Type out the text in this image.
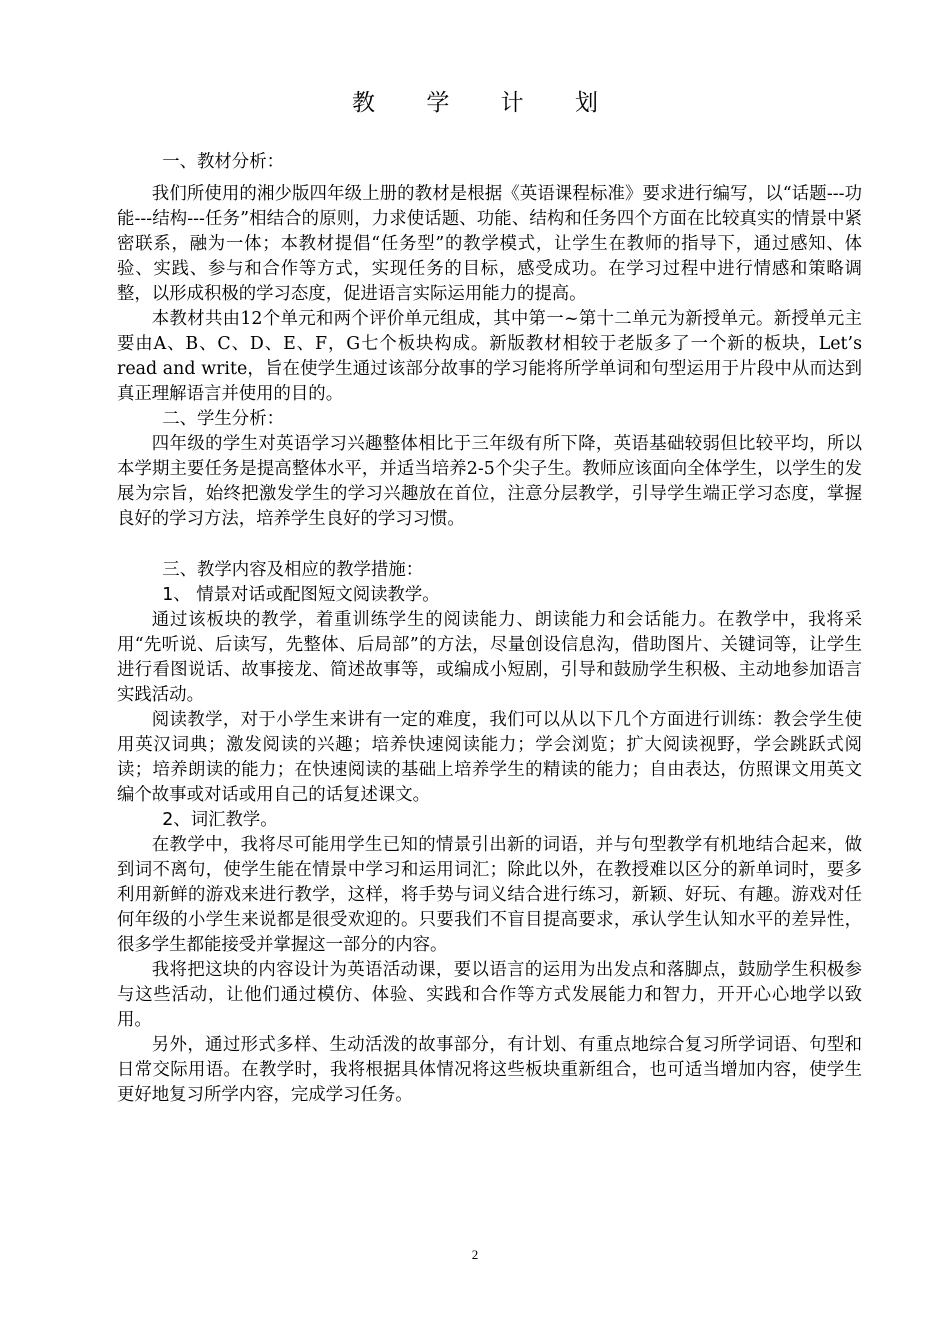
教 学 计 划

一、教材分析：

我们所使用的湘少版四年级上册的教材是根据《英语课程标准》要求进行编写，以“话题---功能---结构---任务”相结合的原则，力求使话题、功能、结构和任务四个方面在比较真实的情景中紧密联系，融为一体；本教材提倡“任务型”的教学模式，让学生在教师的指导下，通过感知、体验、实践、参与和合作等方式，实现任务的目标，感受成功。在学习过程中进行情感和策略调整，以形成积极的学习态度，促进语言实际运用能力的提高。

本教材共由12个单元和两个评价单元组成，其中第一~第十二单元为新授单元。新授单元主要由A、B、C、D、E、F，G七个板块构成。新版教材相较于老版多了一个新的板块，Let’s read and write，旨在使学生通过该部分故事的学习能将所学单词和句型运用于片段中从而达到真正理解语言并使用的目的。

二、学生分析：

四年级的学生对英语学习兴趣整体相比于三年级有所下降，英语基础较弱但比较平均，所以本学期主要任务是提高整体水平，并适当培养2-5个尖子生。教师应该面向全体学生，以学生的发展为宗旨，始终把激发学生的学习兴趣放在首位，注意分层教学，引导学生端正学习态度，掌握良好的学习方法，培养学生良好的学习习惯。

三、教学内容及相应的教学措施：

1、 情景对话或配图短文阅读教学。

通过该板块的教学，着重训练学生的阅读能力、朗读能力和会话能力。在教学中，我将采用“先听说、后读写，先整体、后局部”的方法，尽量创设信息沟，借助图片、关键词等，让学生进行看图说话、故事接龙、简述故事等，或编成小短剧，引导和鼓励学生积极、主动地参加语言实践活动。

阅读教学，对于小学生来讲有一定的难度，我们可以从以下几个方面进行训练：教会学生使用英汉词典；激发阅读的兴趣；培养快速阅读能力；学会浏览；扩大阅读视野，学会跳跃式阅读；培养朗读的能力；在快速阅读的基础上培养学生的精读的能力；自由表达，仿照课文用英文编个故事或对话或用自己的话复述课文。

2、词汇教学。

在教学中，我将尽可能用学生已知的情景引出新的词语，并与句型教学有机地结合起来，做到词不离句，使学生能在情景中学习和运用词汇；除此以外，在教授难以区分的新单词时，要多利用新鲜的游戏来进行教学，这样，将手势与词义结合进行练习，新颖、好玩、有趣。游戏对任何年级的小学生来说都是很受欢迎的。只要我们不盲目提高要求，承认学生认知水平的差异性，很多学生都能接受并掌握这一部分的内容。

我将把这块的内容设计为英语活动课，要以语言的运用为出发点和落脚点，鼓励学生积极参与这些活动，让他们通过模仿、体验、实践和合作等方式发展能力和智力，开开心心地学以致用。

另外，通过形式多样、生动活泼的故事部分，有计划、有重点地综合复习所学词语、句型和日常交际用语。在教学时，我将根据具体情况将这些板块重新组合，也可适当增加内容，使学生更好地复习所学内容，完成学习任务。

2
